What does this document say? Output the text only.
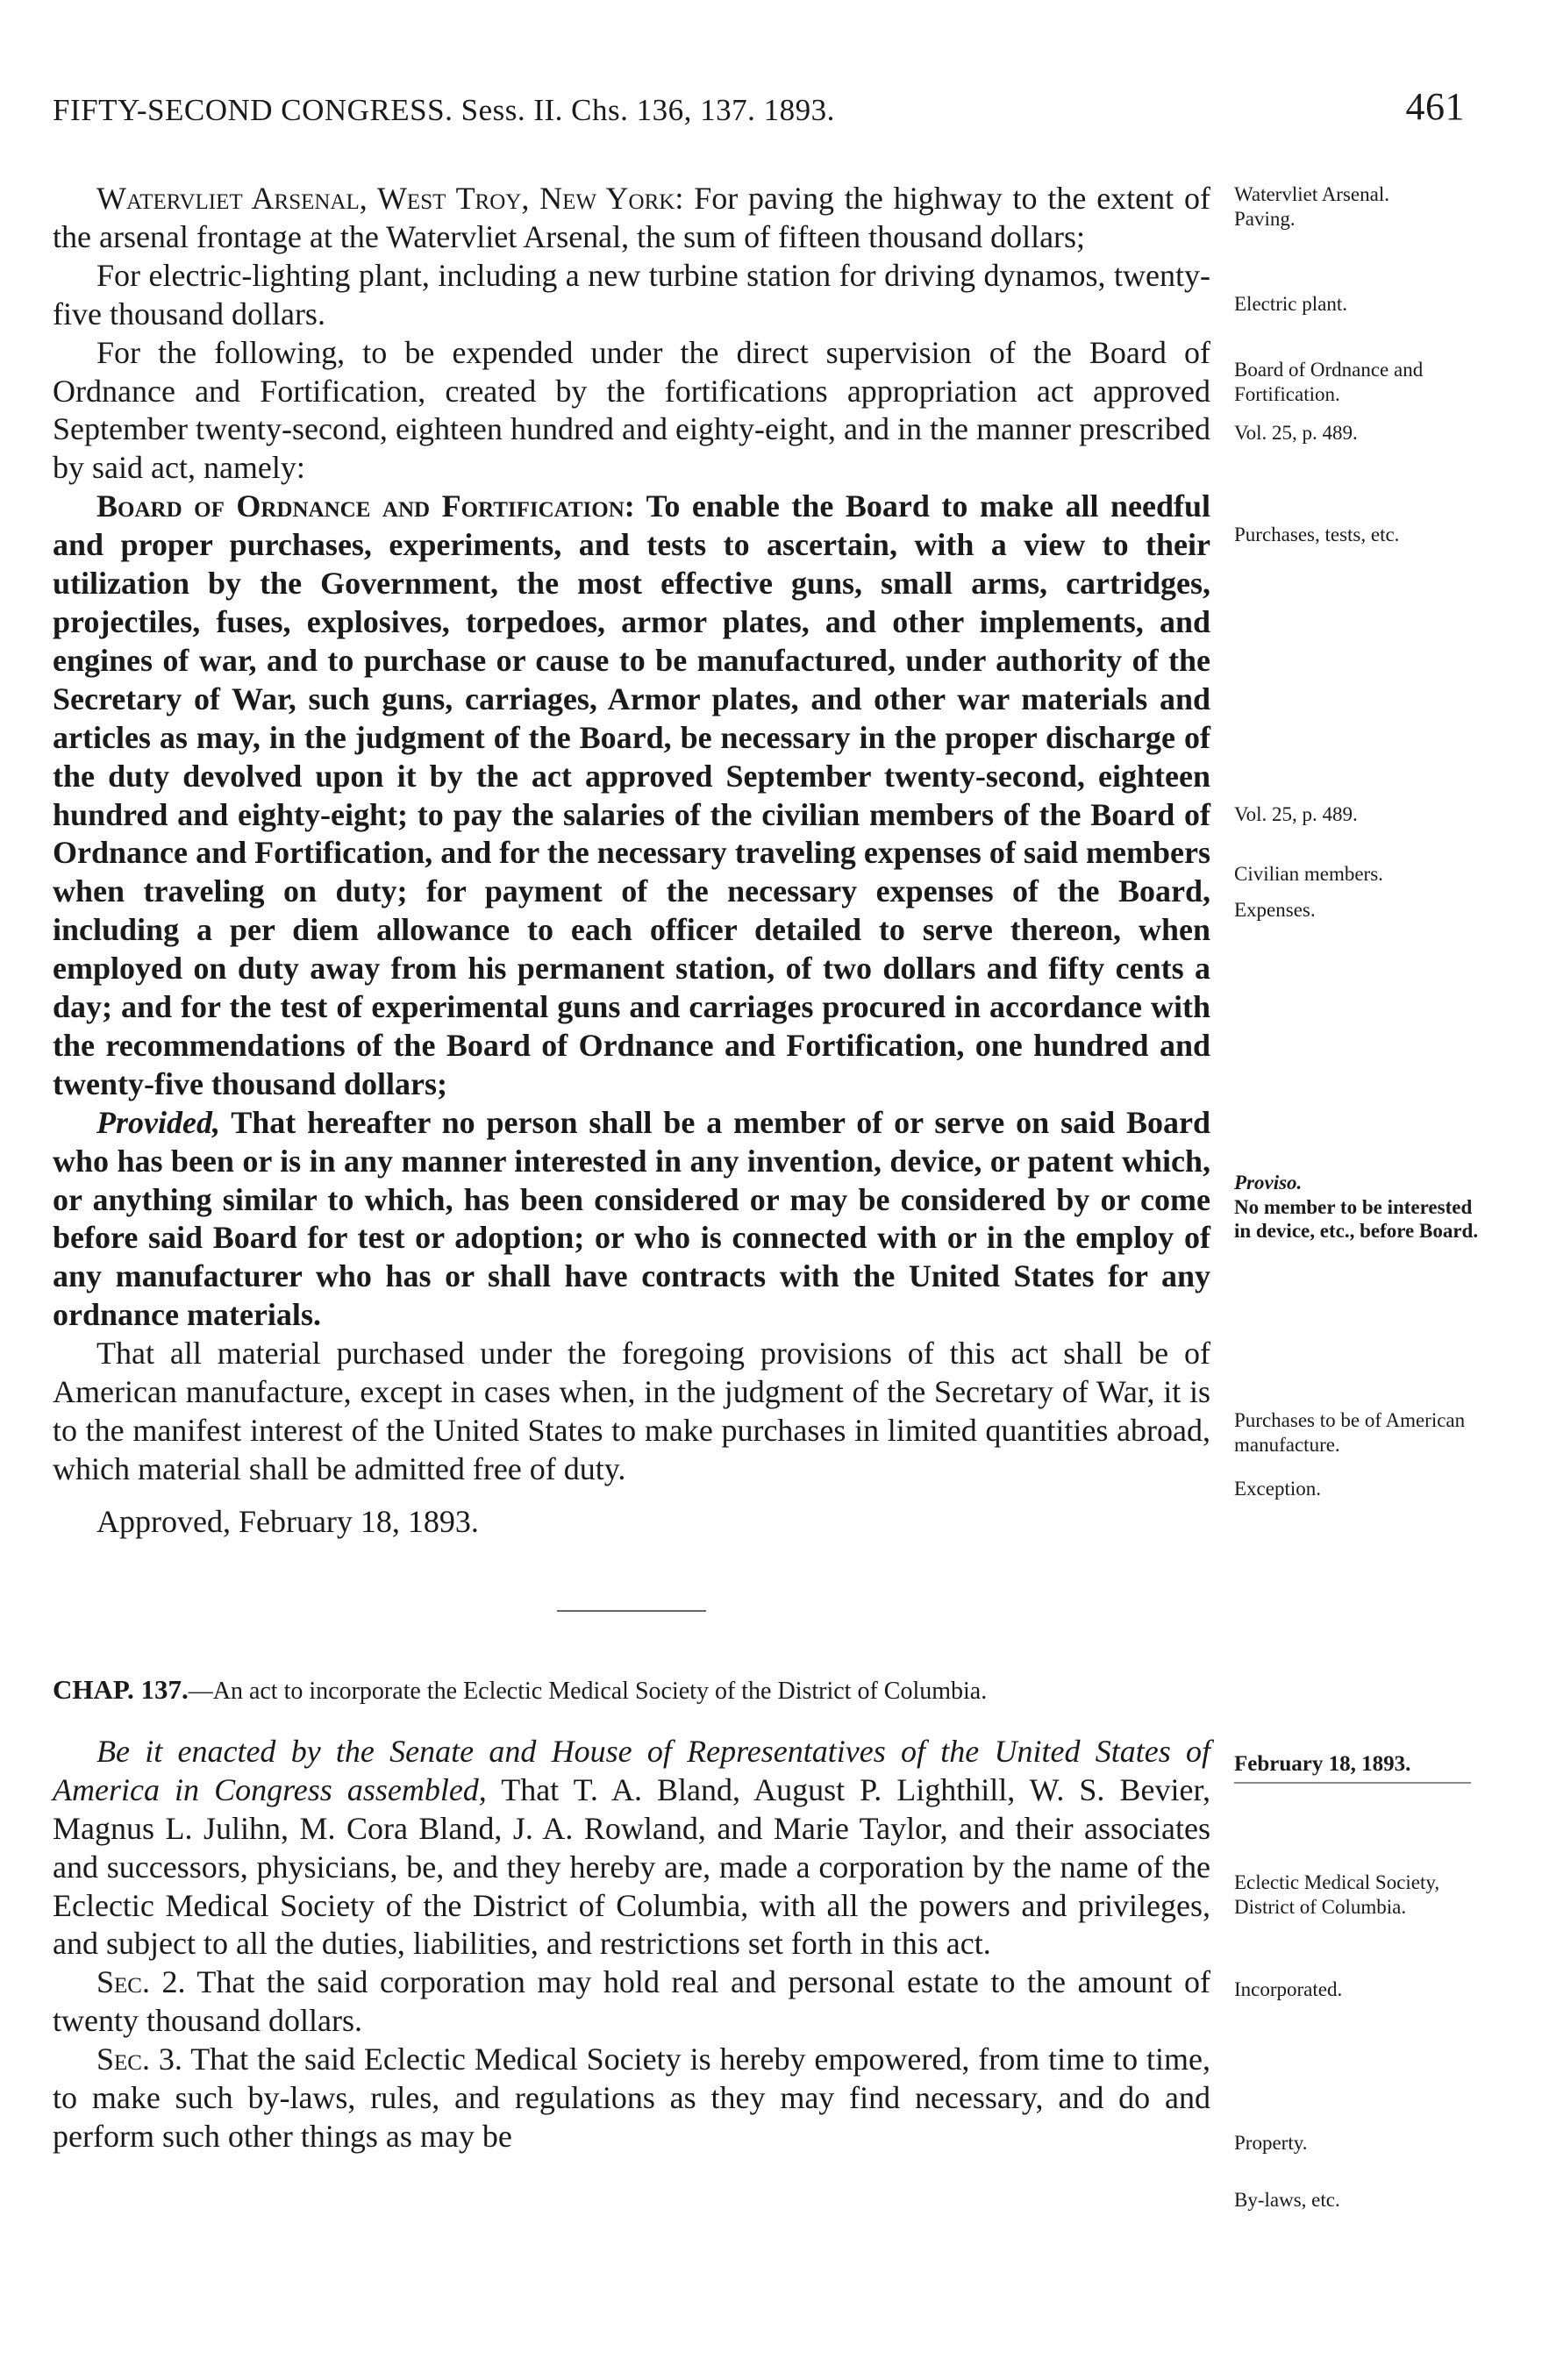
FIFTY-SECOND CONGRESS. Sess. II. Chs. 136, 137. 1893.	461

Watervliet Arsenal, West Troy, New York: For paving the highway to the extent of the arsenal frontage at the Watervliet Arsenal, the sum of fifteen thousand dollars;

For electric-lighting plant, including a new turbine station for driving dynamos, twenty-five thousand dollars.

For the following, to be expended under the direct supervision of the Board of Ordnance and Fortification, created by the fortifications appropriation act approved September twenty-second, eighteen hundred and eighty-eight, and in the manner prescribed by said act, namely:

Board of Ordnance and Fortification: To enable the Board to make all needful and proper purchases, experiments, and tests to ascertain, with a view to their utilization by the Government, the most effective guns, small arms, cartridges, projectiles, fuses, explosives, torpedoes, armor plates, and other implements, and engines of war, and to purchase or cause to be manufactured, under authority of the Secretary of War, such guns, carriages, Armor plates, and other war materials and articles as may, in the judgment of the Board, be necessary in the proper discharge of the duty devolved upon it by the act approved September twenty-second, eighteen hundred and eighty-eight; to pay the salaries of the civilian members of the Board of Ordnance and Fortification, and for the necessary traveling expenses of said members when traveling on duty; for payment of the necessary expenses of the Board, including a per diem allowance to each officer detailed to serve thereon, when employed on duty away from his permanent station, of two dollars and fifty cents a day; and for the test of experimental guns and carriages procured in accordance with the recommendations of the Board of Ordnance and Fortification, one hundred and twenty-five thousand dollars;

Provided, That hereafter no person shall be a member of or serve on said Board who has been or is in any manner interested in any invention, device, or patent which, or anything similar to which, has been considered or may be considered by or come before said Board for test or adoption; or who is connected with or in the employ of any manufacturer who has or shall have contracts with the United States for any ordnance materials.

That all material purchased under the foregoing provisions of this act shall be of American manufacture, except in cases when, in the judgment of the Secretary of War, it is to the manifest interest of the United States to make purchases in limited quantities abroad, which material shall be admitted free of duty.

Approved, February 18, 1893.

CHAP. 137.—An act to incorporate the Eclectic Medical Society of the District of Columbia.

Be it enacted by the Senate and House of Representatives of the United States of America in Congress assembled, That T. A. Bland, August P. Lighthill, W. S. Bevier, Magnus L. Julihn, M. Cora Bland, J. A. Rowland, and Marie Taylor, and their associates and successors, physicians, be, and they hereby are, made a corporation by the name of the Eclectic Medical Society of the District of Columbia, with all the powers and privileges, and subject to all the duties, liabilities, and restrictions set forth in this act.

Sec. 2. That the said corporation may hold real and personal estate to the amount of twenty thousand dollars.

Sec. 3. That the said Eclectic Medical Society is hereby empowered, from time to time, to make such by-laws, rules, and regulations as they may find necessary, and do and perform such other things as may be

Watervliet Arsenal.
Paving.
Electric plant.
Board of Ordnance and Fortification.
Vol. 25, p. 489.
Purchases, tests, etc.
Vol. 25, p. 489.
Civilian members.
Expenses.
Proviso.
No member to be interested in device, etc., before Board.
Purchases to be of American manufacture.
Exception.
February 18, 1893.
Eclectic Medical Society, District of Columbia.
Incorporated.
Property.
By-laws, etc.
